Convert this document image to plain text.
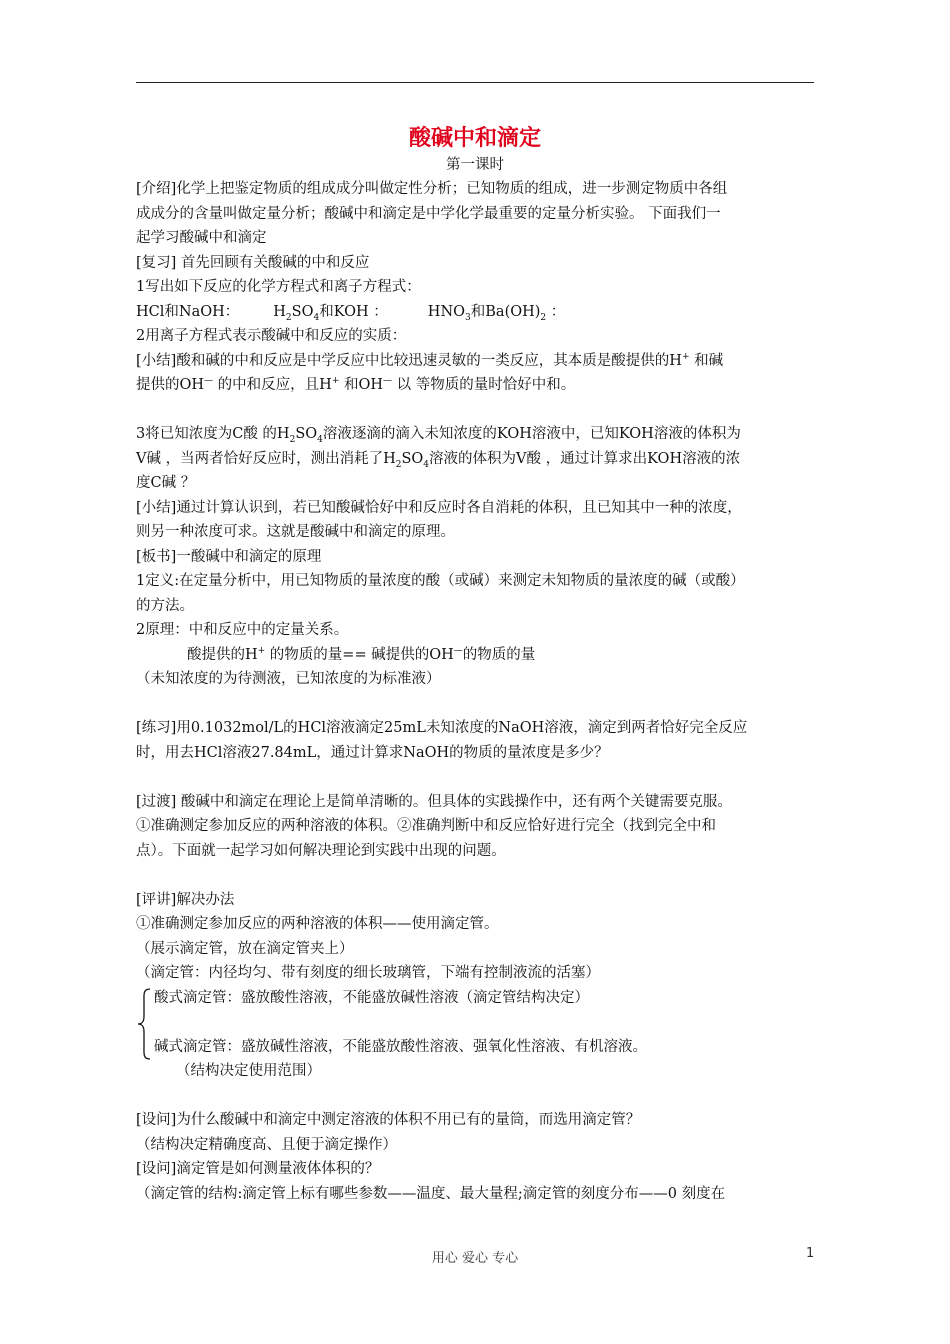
酸碱中和滴定
第一课时

[介绍]化学上把鉴定物质的组成成分叫做定性分析；已知物质的组成，进一步测定物质中各组

成成分的含量叫做定量分析；酸碱中和滴定是中学化学最重要的定量分析实验。 下面我们一

起学习酸碱中和滴定

[复习] 首先回顾有关酸碱的中和反应

1写出如下反应的化学方程式和离子方程式：

HCl和NaOH： $H_2SO_4$和KOH ：	$HNO_3$和$Ba(OH)_2$ ：

2用离子方程式表示酸碱中和反应的实质：

[小结]酸和碱的中和反应是中学反应中比较迅速灵敏的一类反应，其本质是酸提供的H+ 和碱

提供的OH— 的中和反应，且H+ 和OH— 以 等物质的量时恰好中和。

3将已知浓度为C酸 的$H_2SO_4$溶液逐滴的滴入未知浓度的KOH溶液中，已知KOH溶液的体积为

V碱 ，当两者恰好反应时，测出消耗了$H_2SO_4$溶液的体积为V酸 ，通过计算求出KOH溶液的浓

度C碱 ？

[小结]通过计算认识到，若已知酸碱恰好中和反应时各自消耗的体积，且已知其中一种的浓度，

则另一种浓度可求。这就是酸碱中和滴定的原理。

[板书]一酸碱中和滴定的原理

1定义:在定量分析中，用已知物质的量浓度的酸（或碱）来测定未知物质的量浓度的碱（或酸）

的方法。

2原理：中和反应中的定量关系。

酸提供的H+ 的物质的量== 碱提供的OH—的物质的量

（未知浓度的为待测液，已知浓度的为标准液）

[练习]用0.1032mol/L的HCl溶液滴定25mL未知浓度的NaOH溶液，滴定到两者恰好完全反应

时，用去HCl溶液27.84mL，通过计算求NaOH的物质的量浓度是多少？

[过渡] 酸碱中和滴定在理论上是简单清晰的。但具体的实践操作中，还有两个关键需要克服。

①准确测定参加反应的两种溶液的体积。②准确判断中和反应恰好进行完全（找到完全中和

点）。下面就一起学习如何解决理论到实践中出现的问题。

[评讲]解决办法

①准确测定参加反应的两种溶液的体积——使用滴定管。

（展示滴定管，放在滴定管夹上）

（滴定管：内径均匀、带有刻度的细长玻璃管，下端有控制液流的活塞）

酸式滴定管：盛放酸性溶液，不能盛放碱性溶液（滴定管结构决定）

碱式滴定管：盛放碱性溶液，不能盛放酸性溶液、强氧化性溶液、有机溶液。

（结构决定使用范围）

[设问]为什么酸碱中和滴定中测定溶液的体积不用已有的量筒，而选用滴定管？

（结构决定精确度高、且便于滴定操作）

[设问]滴定管是如何测量液体体积的？

（滴定管的结构:滴定管上标有哪些参数——温度、最大量程;滴定管的刻度分布——0 刻度在

用心 爱心 专心	1
